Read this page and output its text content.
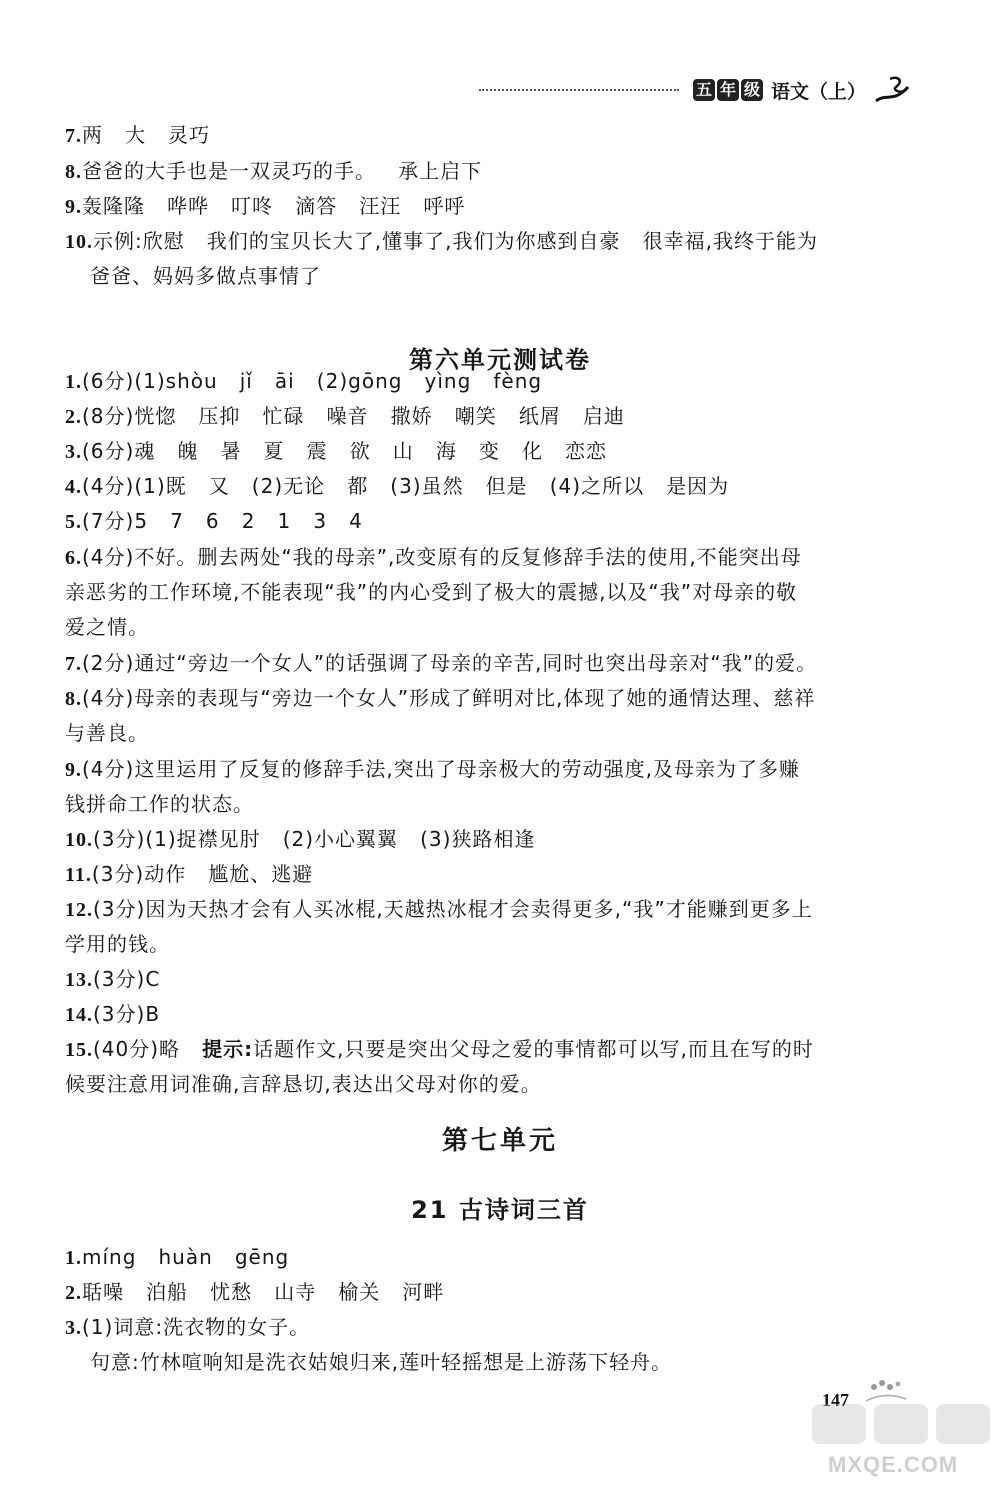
五 年 级 语文（上）
7.两   大   灵巧
8.爸爸的大手也是一双灵巧的手。   承上启下
9.轰隆隆   哗哗   叮咚   滴答   汪汪   呼呼
10.示例:欣慰   我们的宝贝长大了,懂事了,我们为你感到自豪   很幸福,我终于能为
爸爸、妈妈多做点事情了
第六单元测试卷
1.(6分)(1)shòu   jǐ   āi   (2)gōng   yìng   fèng
2.(8分)恍惚   压抑   忙碌   噪音   撒娇   嘲笑   纸屑   启迪
3.(6分)魂   魄   暑   夏   震   欲   山   海   变   化   恋恋
4.(4分)(1)既   又   (2)无论   都   (3)虽然   但是   (4)之所以   是因为
5.(7分)5   7   6   2   1   3   4
6.(4分)不好。删去两处“我的母亲”,改变原有的反复修辞手法的使用,不能突出母
亲恶劣的工作环境,不能表现“我”的内心受到了极大的震撼,以及“我”对母亲的敬
爱之情。
7.(2分)通过“旁边一个女人”的话强调了母亲的辛苦,同时也突出母亲对“我”的爱。
8.(4分)母亲的表现与“旁边一个女人”形成了鲜明对比,体现了她的通情达理、慈祥
与善良。
9.(4分)这里运用了反复的修辞手法,突出了母亲极大的劳动强度,及母亲为了多赚
钱拼命工作的状态。
10.(3分)(1)捉襟见肘   (2)小心翼翼   (3)狭路相逢
11.(3分)动作   尴尬、逃避
12.(3分)因为天热才会有人买冰棍,天越热冰棍才会卖得更多,“我”才能赚到更多上
学用的钱。
13.(3分)C
14.(3分)B
15.(40分)略   提示:话题作文,只要是突出父母之爱的事情都可以写,而且在写的时
候要注意用词准确,言辞恳切,表达出父母对你的爱。
第七单元
21 古诗词三首
1.míng   huàn   gēng
2.聒噪   泊船   忧愁   山寺   榆关   河畔
3.(1)词意:洗衣物的女子。
句意:竹林喧响知是洗衣姑娘归来,莲叶轻摇想是上游荡下轻舟。
147
MXQE.COM
